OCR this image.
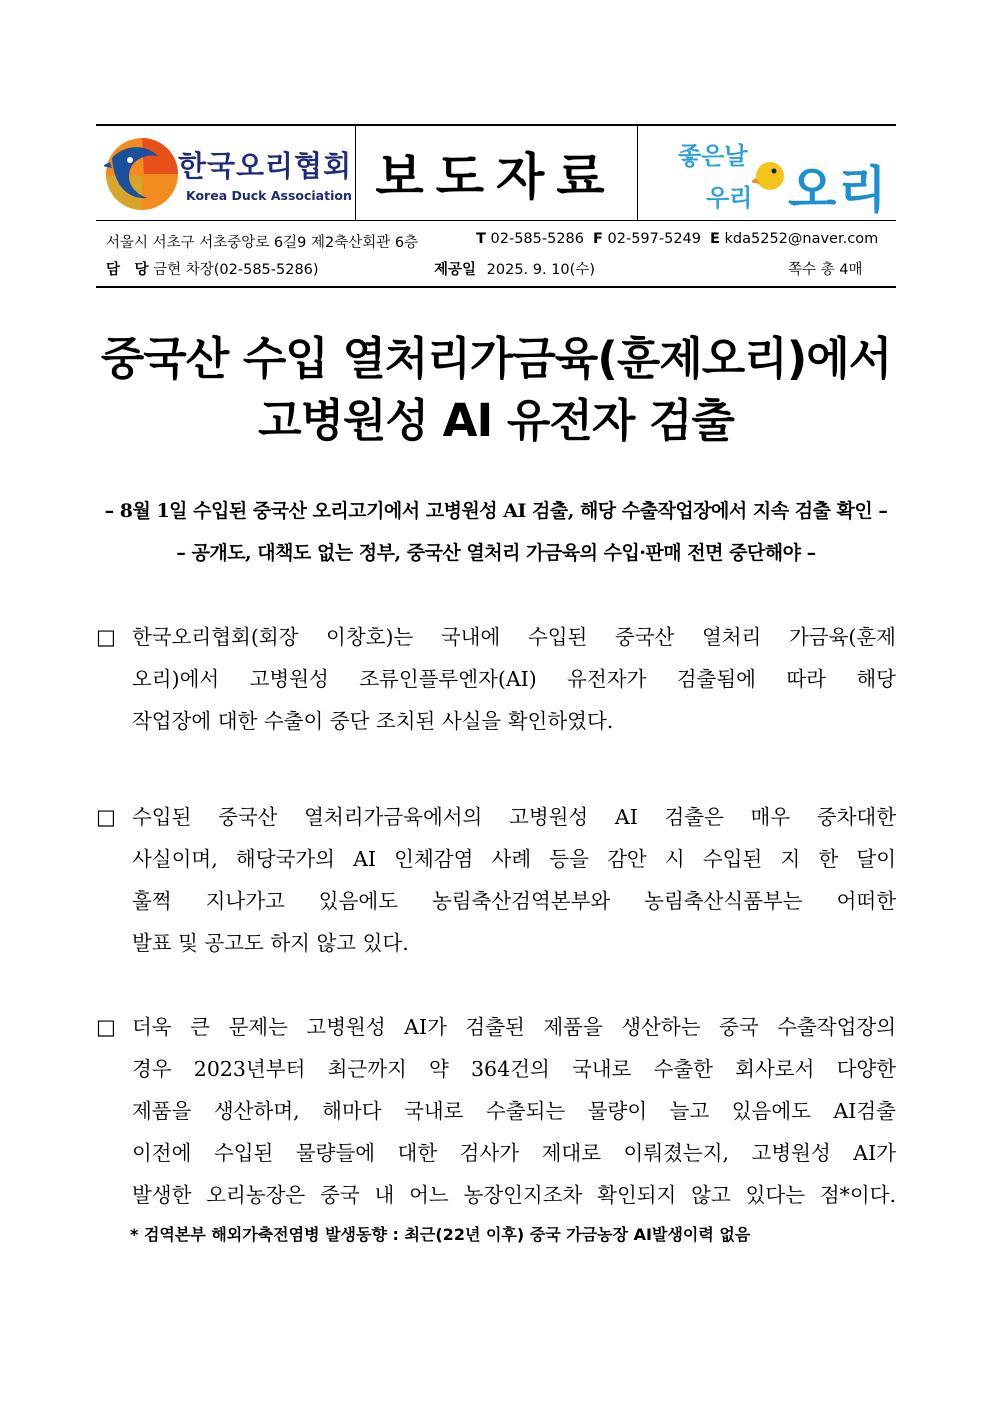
한국오리협회
Korea Duck Association 보도자료	좋은날
우리 오리
서울시 서초구 서초중앙로 6길9 제2축산회관 6층	T 02-585-5286 F 02-597-5249 E kda5252@naver.com
담　당 금현 차장(02-585-5286)	제공일 2025. 9. 10(수)	쪽수 총 4매
중국산 수입 열처리가금육(훈제오리)에서
고병원성 AI 유전자 검출
– 8월 1일 수입된 중국산 오리고기에서 고병원성 AI 검출, 해당 수출작업장에서 지속 검출 확인 –
– 공개도, 대책도 없는 정부, 중국산 열처리 가금육의 수입·판매 전면 중단해야 –
□ 한국오리협회(회장 이창호)는 국내에 수입된 중국산 열처리 가금육(훈제
오리)에서 고병원성 조류인플루엔자(AI) 유전자가 검출됨에 따라 해당
작업장에 대한 수출이 중단 조치된 사실을 확인하였다.
□ 수입된 중국산 열처리가금육에서의 고병원성 AI 검출은 매우 중차대한
사실이며, 해당국가의 AI 인체감염 사례 등을 감안 시 수입된 지 한 달이
훌쩍 지나가고 있음에도 농림축산검역본부와 농림축산식품부는 어떠한
발표 및 공고도 하지 않고 있다.
□ 더욱 큰 문제는 고병원성 AI가 검출된 제품을 생산하는 중국 수출작업장의
경우 2023년부터 최근까지 약 364건의 국내로 수출한 회사로서 다양한
제품을 생산하며, 해마다 국내로 수출되는 물량이 늘고 있음에도 AI검출
이전에 수입된 물량들에 대한 검사가 제대로 이뤄졌는지, 고병원성 AI가
발생한 오리농장은 중국 내 어느 농장인지조차 확인되지 않고 있다는 점*이다.
* 검역본부 해외가축전염병 발생동향 : 최근(22년 이후) 중국 가금농장 AI발생이력 없음
